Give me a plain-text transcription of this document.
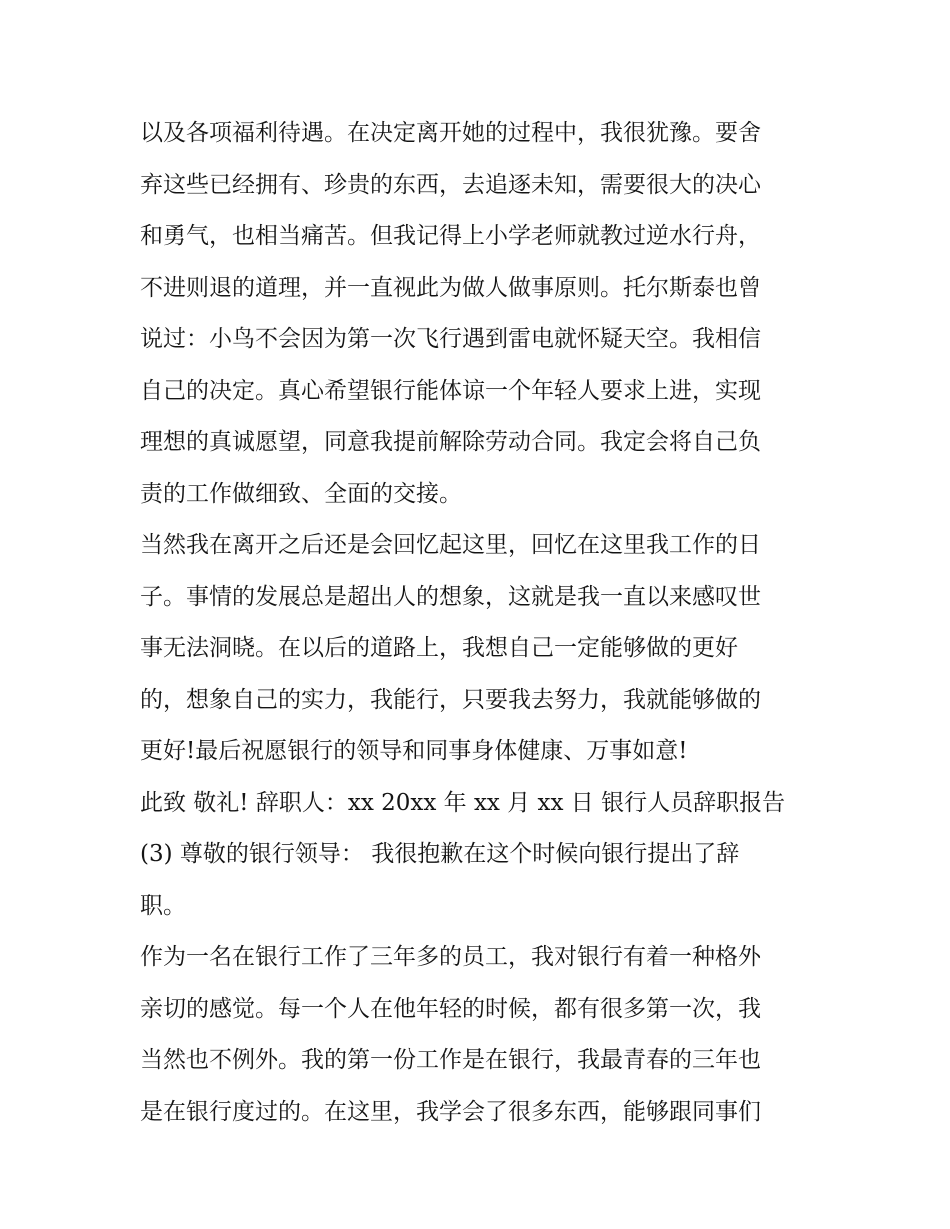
以及各项福利待遇。在决定离开她的过程中，我很犹豫。要舍
弃这些已经拥有、珍贵的东西，去追逐未知，需要很大的决心
和勇气，也相当痛苦。但我记得上小学老师就教过逆水行舟，
不进则退的道理，并一直视此为做人做事原则。托尔斯泰也曾
说过：小鸟不会因为第一次飞行遇到雷电就怀疑天空。我相信
自己的决定。真心希望银行能体谅一个年轻人要求上进，实现
理想的真诚愿望，同意我提前解除劳动合同。我定会将自己负
责的工作做细致、全面的交接。
当然我在离开之后还是会回忆起这里，回忆在这里我工作的日
子。事情的发展总是超出人的想象，这就是我一直以来感叹世
事无法洞晓。在以后的道路上，我想自己一定能够做的更好
的，想象自己的实力，我能行，只要我去努力，我就能够做的
更好!最后祝愿银行的领导和同事身体健康、万事如意!
此致 敬礼! 辞职人：xx 20xx 年 xx 月 xx 日 银行人员辞职报告
(3) 尊敬的银行领导： 我很抱歉在这个时候向银行提出了辞
职。
作为一名在银行工作了三年多的员工，我对银行有着一种格外
亲切的感觉。每一个人在他年轻的时候，都有很多第一次，我
当然也不例外。我的第一份工作是在银行，我最青春的三年也
是在银行度过的。在这里，我学会了很多东西，能够跟同事们
